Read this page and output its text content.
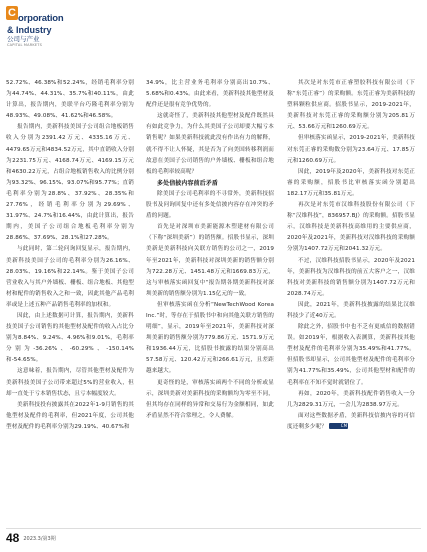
C orporation
& Industry
公司与产业
CAPITAL MARKETS

52.72%、46.38%和52.24%，经销毛利率分别为44.74%、44.31%、35.7%和40.11%，由此计算出，报告期内，美联平台巧隆毛利率分别为48.93%、49.08%、41.62%和46.58%。

报告期内，美新科技美国子公司组合地板销售收入分别为2391.42万元、4335.16万元、4479.65万元和4834.52万元，其中直销收入分别为2231.75万元、4168.74万元、4169.15万元和4630.22万元，占组合地板销售收入的比例分别为93.32%、96.15%、93.07%和95.77%；直销毛利率分别为28.8%、37.92%、28.35%和27.76%，经销毛利率分别为29.69%、31.97%、24.7%和16.44%，由此计算出，报告期内，美国子公司组合地板毛利率分别为28.86%、37.69%、28.1%和27.28%。

与此同时，第二轮问询回复显示，报告期内，美新科技美国子公司的毛利率分别为26.16%、28.03%、19.16%和22.14%。鉴于美国子公司营业收入与其户外墙板、栅板、组合地板、其他型材和配件的销售收入之和一致，因此其他产品毛利率或是上述五种产品销售毛利率的加权和。

因此，由上述数据可计算，报告期内，美新科技美国子公司销售的其他型材及配件的收入占比分别为8.84%、9.24%、4.96%和9.01%，毛利率分别为-36.26%、-60.29%、-150.14%和-54.65%。

这意味着，报告期内，尽管其他型材及配件为美新科技美国子公司带来超过5%的营业收入，但却一直处于亏本销售状态，且亏本幅度较大。

美新科技投有披露其在2022年1-9月销售的其他型材及配件的毛利率，但2021年度，公司其他型材及配件的毛利率分别为29.19%、40.67%和

34.9%，比主营业务毛利率分别高出10.7%、5.68%和0.43%。由此来看，美新科技其他型材及配件还是很有竞争优势的。

这就奇怪了，美新科技其他型材及配件既然具有如此竞争力，为什么其美国子公司却要大幅亏本销售呢？如果美新科技就此没有作出有力的解释，就不得不让人怀疑，其是否为了向美国转移利润而故意在美国子公司销售的户外墙板、栅板和组合地板的毛利率较高呢？

多处信披内容前后矛盾

除美国子公司毛利率的不寻常外，美新科技招股书及问询回复中还有多处信披内容存在冲突的矛盾的问题。

首先是对深圳市美新能源木塑建材有限公司（下称“深圳美新”）的销售额。招股书显示，深圳美新是美新科技向关联方销售的公司之一，2019年至2021年，美新科技对深圳美新的销售额分别为722.28万元、1451.48万元和1669.83万元，这与审核落实函回复中“报告期各期美新科技对深圳美新的销售额分别为1.15亿元的一致。

但审核落实函在分析“NewTechWood Korea Inc.”时，等存在于招股书中和向其他关联方销售的明细”，显示，2019年至2021年，美新科技对深圳美新的销售额分别为779.86万元、1571.9万元和1936.44万元，比招股书披露的结果分别高出57.58万元、120.42万元和266.61万元，且差距越来越大。

更奇怪的是，审核落实函两个不同的分析或显示，深圳美新对美新科技的采购额均为零至不同，但其均存在同样的异常和交易行为金额相同，如此矛盾显然不符合常理之，令人费解。

其次是对东莞市正睿塑胶科技有限公司（下称“东莞正睿”）的采购额。东莞正睿为美新科技的塑料颗粒供应商。招股书显示，2019-2021年，美新科技对东莞正睿的采购额分别为205.81万元、53.66万元和1260.69万元。

但审核落实函显示，2019-2021年，美新科技对东莞正睿的采购数分别为23.64万元、17.85万元和1260.69万元。

因此，2019年及2020年，美新科技对东莞正睿的采购额，招股书比审核落实函分别超出182.17万元和35.81万元。

再次是对东莞市汉维科技股份有限公司（下称“汉维科技”，836957.BJ）的采购额。招股书显示，汉维科技是美新科技高维用的主要供应商，2020年及2021年，美新科技对汉维科技的采购额分别为1407.72万元和2041.32万元。

不过，汉维科技招股书显示，2020年及2021年，美新科技为汉维科技的前五大客户之一，汉维科技对美新科技的销售额分别为1407.72万元和2028.74万元。

因此，2021年，美新科技披露的结果比汉维科技少了近40万元。

除此之外，招股书中也不乏有更威信的数据错误。如2019年，根据收入表测算，美新科技其他型材及配件的毛利率分别为35.49%和41.77%。但招股书却显示，公司其他型材及配件的毛利率分别为41.77%和35.49%，公司其他型材和配件的毛利率在不知不觉时就错位了。

再如，2020年，美新科技配件销售收入一分几为2829.31万元，一会儿为2838.97万元。

面对这些数据矛盾，美新科技信披内容的可信度还剩多少呢？	CM

48 2023.3/第3期
